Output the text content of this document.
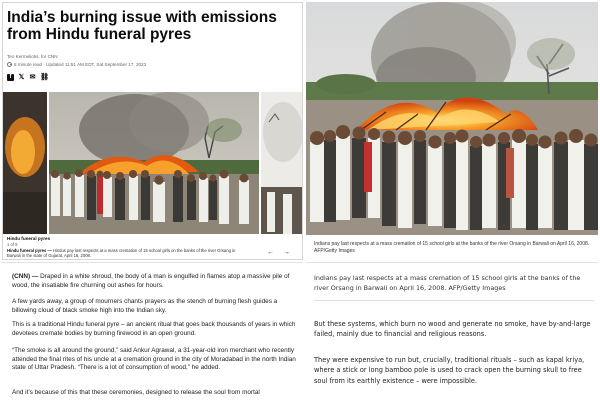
India’s burning issue with emissions from Hindu funeral pyres
Teo Kermeliotis, for CNN
8 minute read · Updated 11:51 AM EDT, Sat September 17, 2023
f	𝕏 ✉ ⛓
Hindu funeral pyres
1 of 9
Hindu funeral pyres — Hindus pay last respects at a mass cremation of 15 school girls on the banks of the river Orsang in Barwali in the state of Gujarat, April 16, 2008.	← →
Indians pay last respects at a mass cremation of 15 school girls at the banks of the river Orsang in Barwali on April 16, 2008. AFP/Getty Images

(CNN) — Draped in a white shroud, the body of a man is engulfed in flames atop a massive pile of wood, the insatiable fire churning out ashes for hours.

A few yards away, a group of mourners chants prayers as the stench of burning flesh guides a billowing cloud of black smoke high into the Indian sky.

This is a traditional Hindu funeral pyre – an ancient ritual that goes back thousands of years in which devotees cremate bodies by burning firewood in an open ground.

“The smoke is all around the ground,” said Ankur Agrawal, a 31-year-old iron merchant who recently attended the final rites of his uncle at a cremation ground in the city of Moradabad in the north Indian state of Uttar Pradesh. “There is a lot of consumption of wood,” he added.

And it’s because of this that these ceremonies, designed to release the soul from mortal

Indians pay last respects at a mass cremation of 15 school girls at the banks of the river Orsang in Barwali on April 16, 2008. AFP/Getty Images

But these systems, which burn no wood and generate no smoke, have by-and-large failed, mainly due to financial and religious reasons.

They were expensive to run but, crucially, traditional rituals – such as kapal kriya, where a stick or long bamboo pole is used to crack open the burning skull to free soul from its earthly existence – were impossible.
